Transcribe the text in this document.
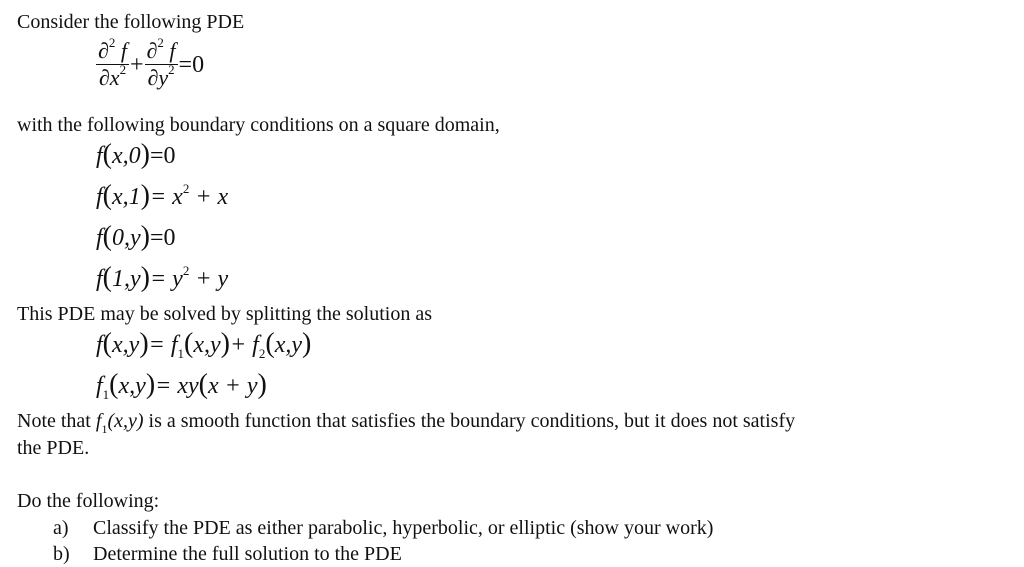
Consider the following PDE
$\frac{\partial^2 f}{\partial x^2} + \frac{\partial^2 f}{\partial y^2} =0$
with the following boundary conditions on a square domain,
f(x,0)=0
$f(x,1)= x^2 + x$
f(0,y)=0
$f(1,y)= y^2 + y$
This PDE may be solved by splitting the solution as
$f(x,y)= f_1(x,y)+ f_2(x,y)$
$f_1(x,y)= xy(x + y)$
Note that $f_1(x,y)$ is a smooth function that satisfies the boundary conditions, but it does not satisfy
the PDE.
Do the following:
a) Classify the PDE as either parabolic, hyperbolic, or elliptic (show your work)
b) Determine the full solution to the PDE
